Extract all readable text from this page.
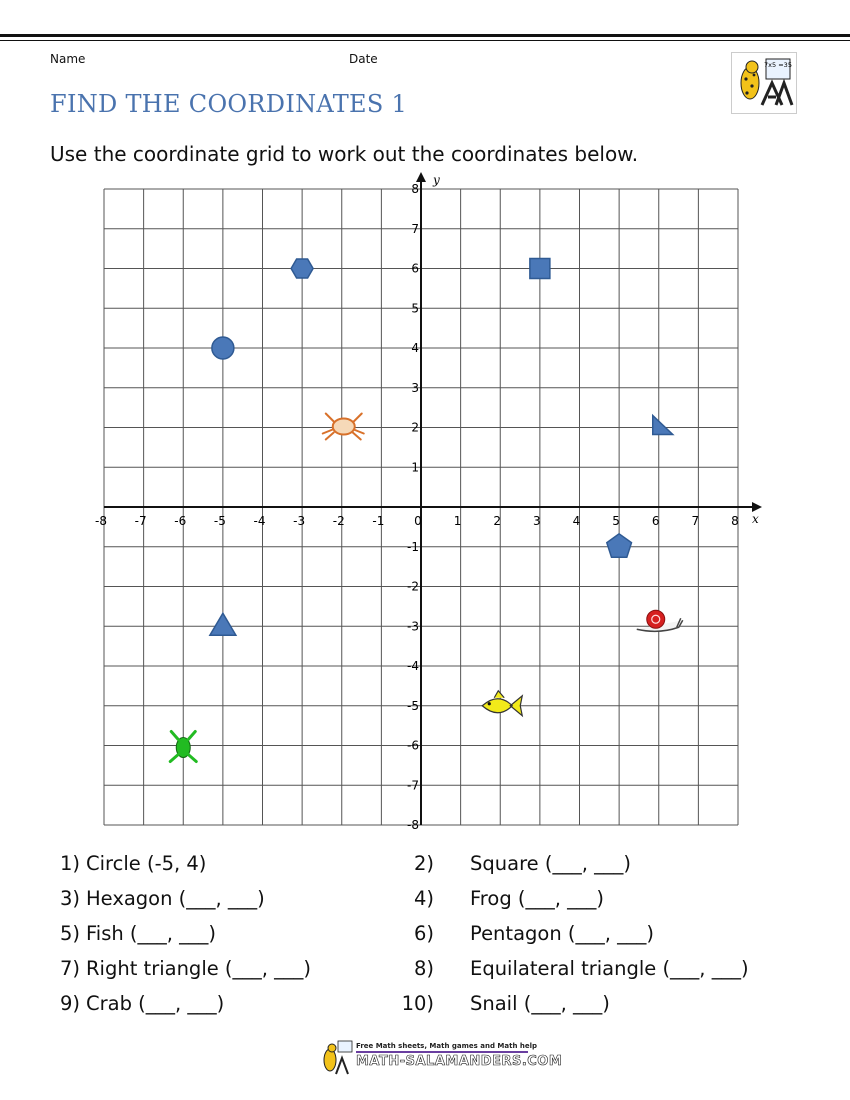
Name	Date	7x5 =35
FIND THE COORDINATES 1

Use the coordinate grid to work out the coordinates below.

x
y
-8 -7 -6 -5 -4 -3 -2 -1 0	1	2	3	4	5	6	7	8
8
7
6
5
4
3
2
1
-1
-2
-3
-4
-5
-6
-7
-8
1) Circle (-5, 4)	2) Square (___, ___)
3) Hexagon (___, ___)	4) Frog (___, ___)
5) Fish (___, ___)	6) Pentagon (___, ___)
7) Right triangle (___, ___)	8) Equilateral triangle (___, ___)
9) Crab (___, ___)	10) Snail (___, ___)
Free Math sheets, Math games and Math help
MATH-SALAMANDERS.COM
